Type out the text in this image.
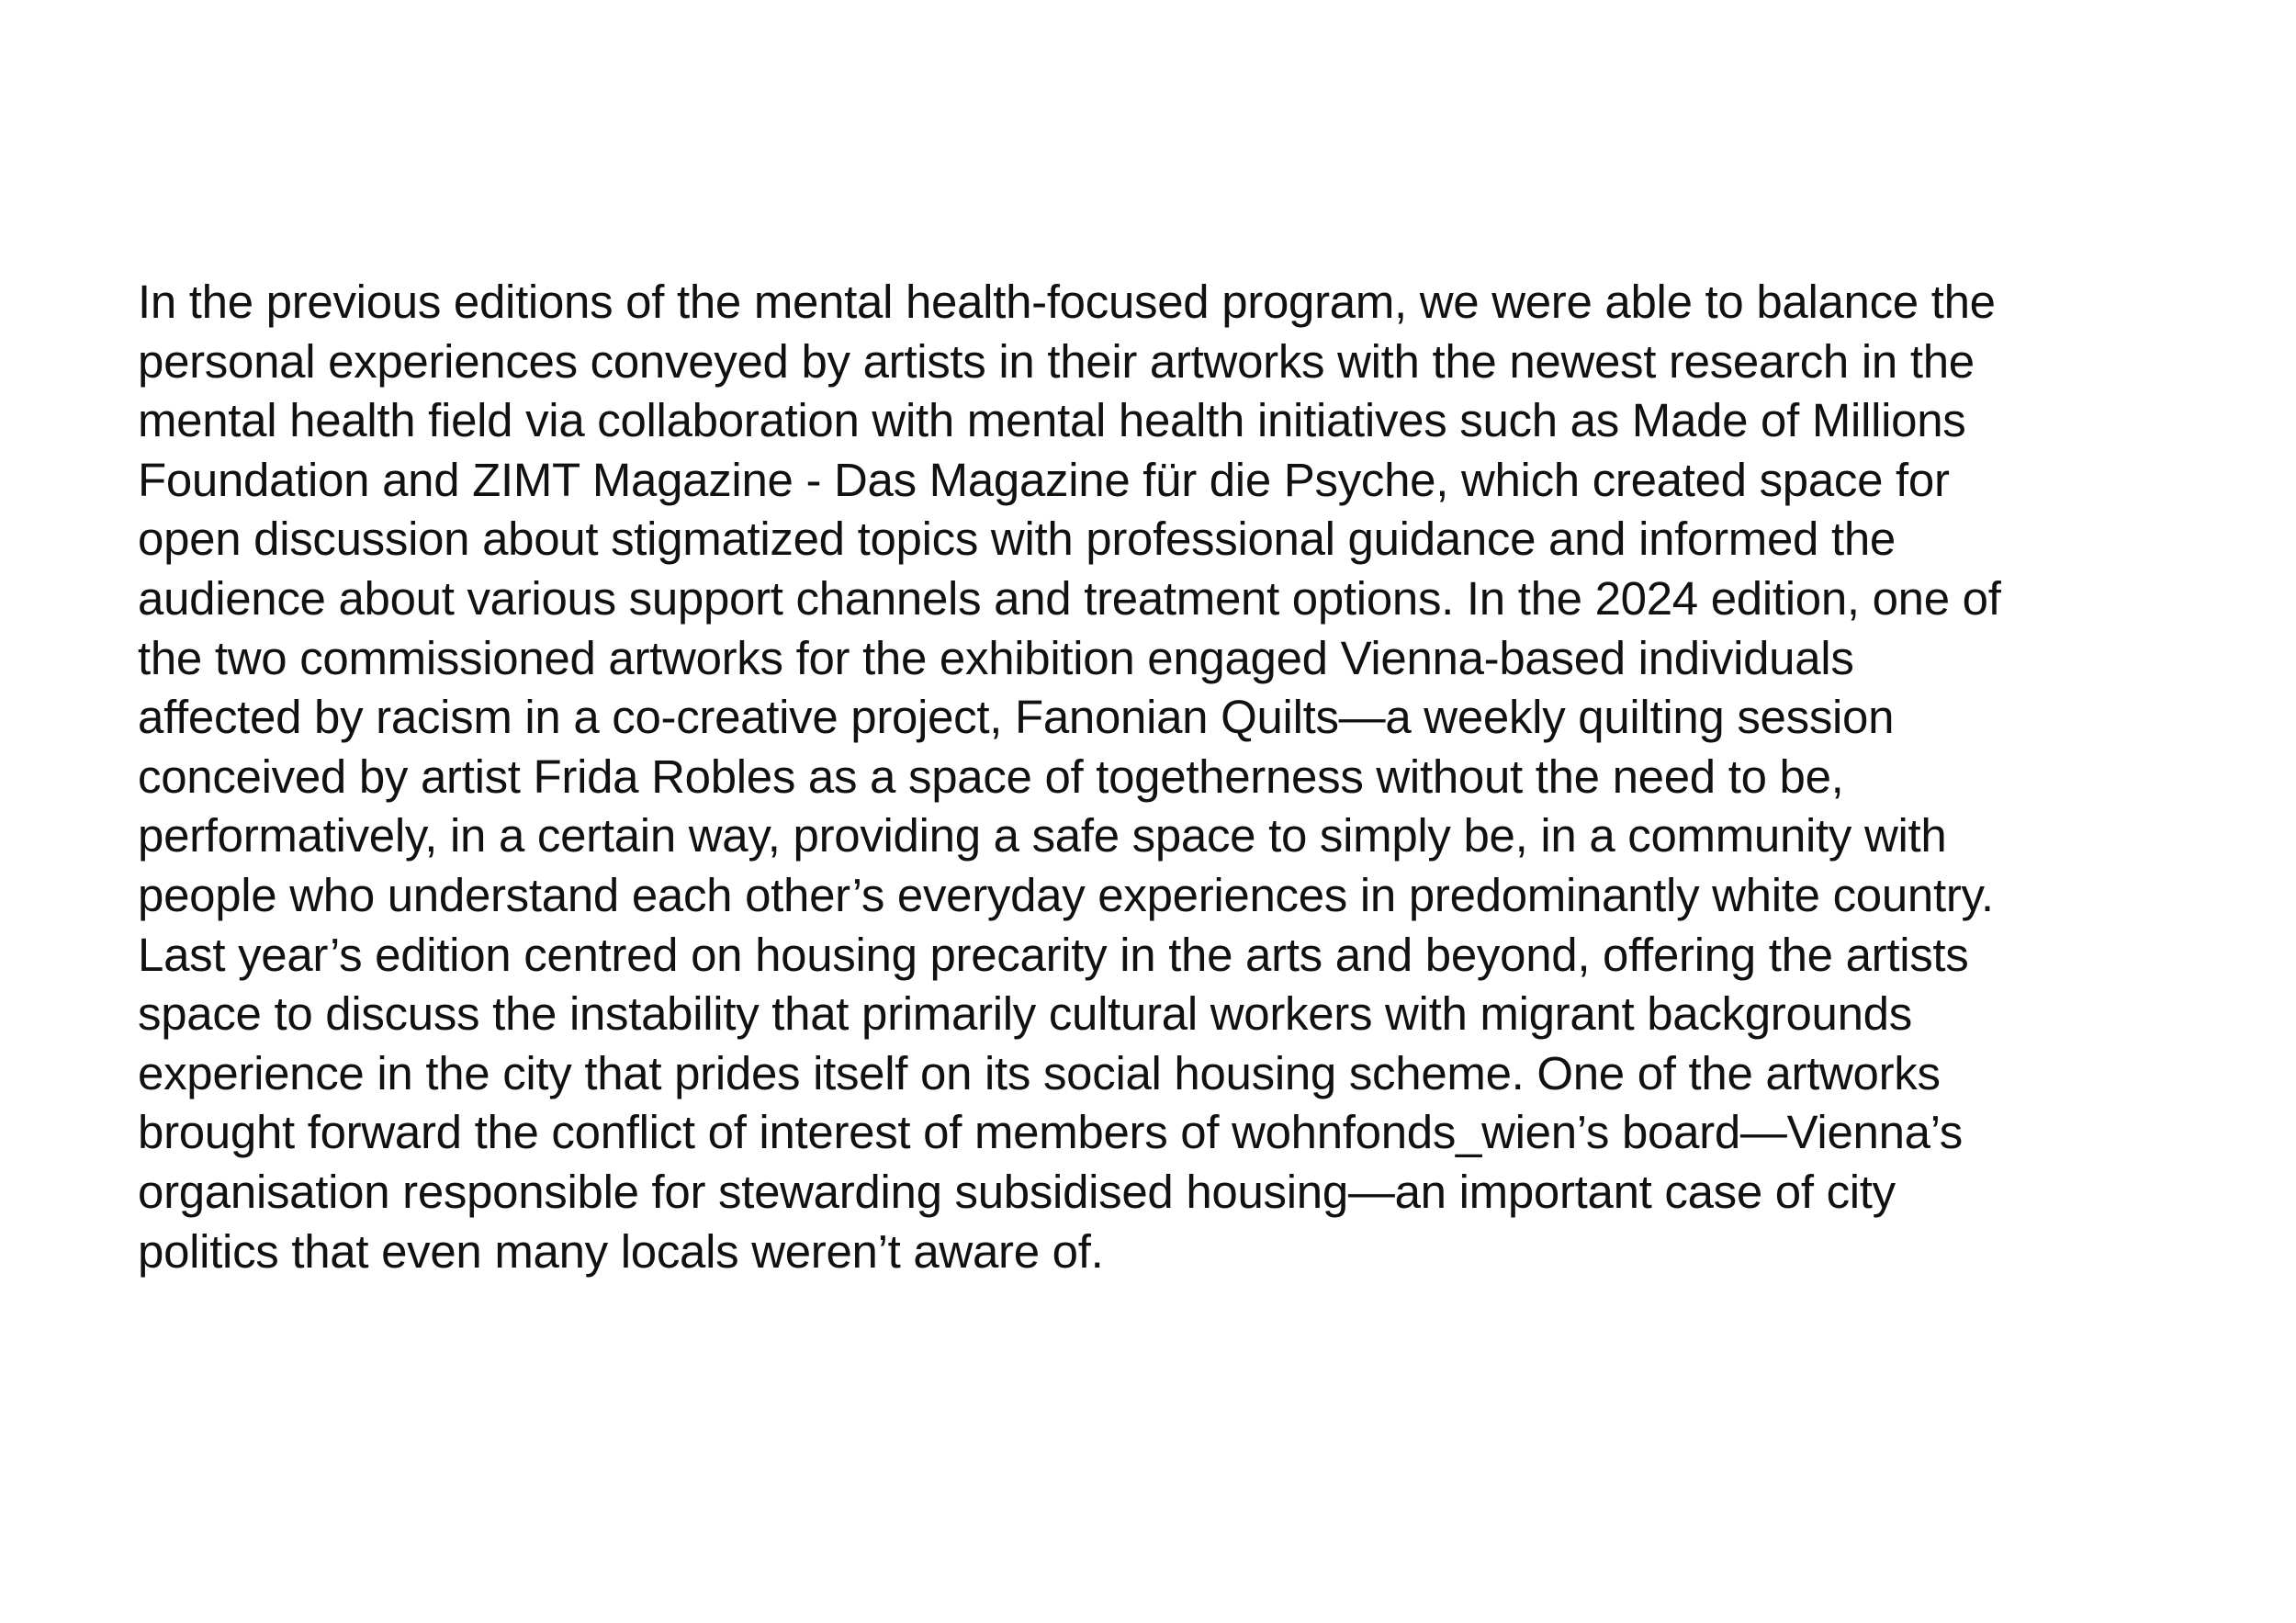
In the previous editions of the mental health-focused program, we were able to balance the
personal experiences conveyed by artists in their artworks with the newest research in the
mental health field via collaboration with mental health initiatives such as Made of Millions
Foundation and ZIMT Magazine - Das Magazine für die Psyche, which created space for
open discussion about stigmatized topics with professional guidance and informed the
audience about various support channels and treatment options. In the 2024 edition, one of
the two commissioned artworks for the exhibition engaged Vienna-based individuals
affected by racism in a co-creative project, Fanonian Quilts—a weekly quilting session
conceived by artist Frida Robles as a space of togetherness without the need to be,
performatively, in a certain way, providing a safe space to simply be, in a community with
people who understand each other’s everyday experiences in predominantly white country.
Last year’s edition centred on housing precarity in the arts and beyond, offering the artists
space to discuss the instability that primarily cultural workers with migrant backgrounds
experience in the city that prides itself on its social housing scheme. One of the artworks
brought forward the conflict of interest of members of wohnfonds_wien’s board—Vienna’s
organisation responsible for stewarding subsidised housing—an important case of city
politics that even many locals weren’t aware of.
